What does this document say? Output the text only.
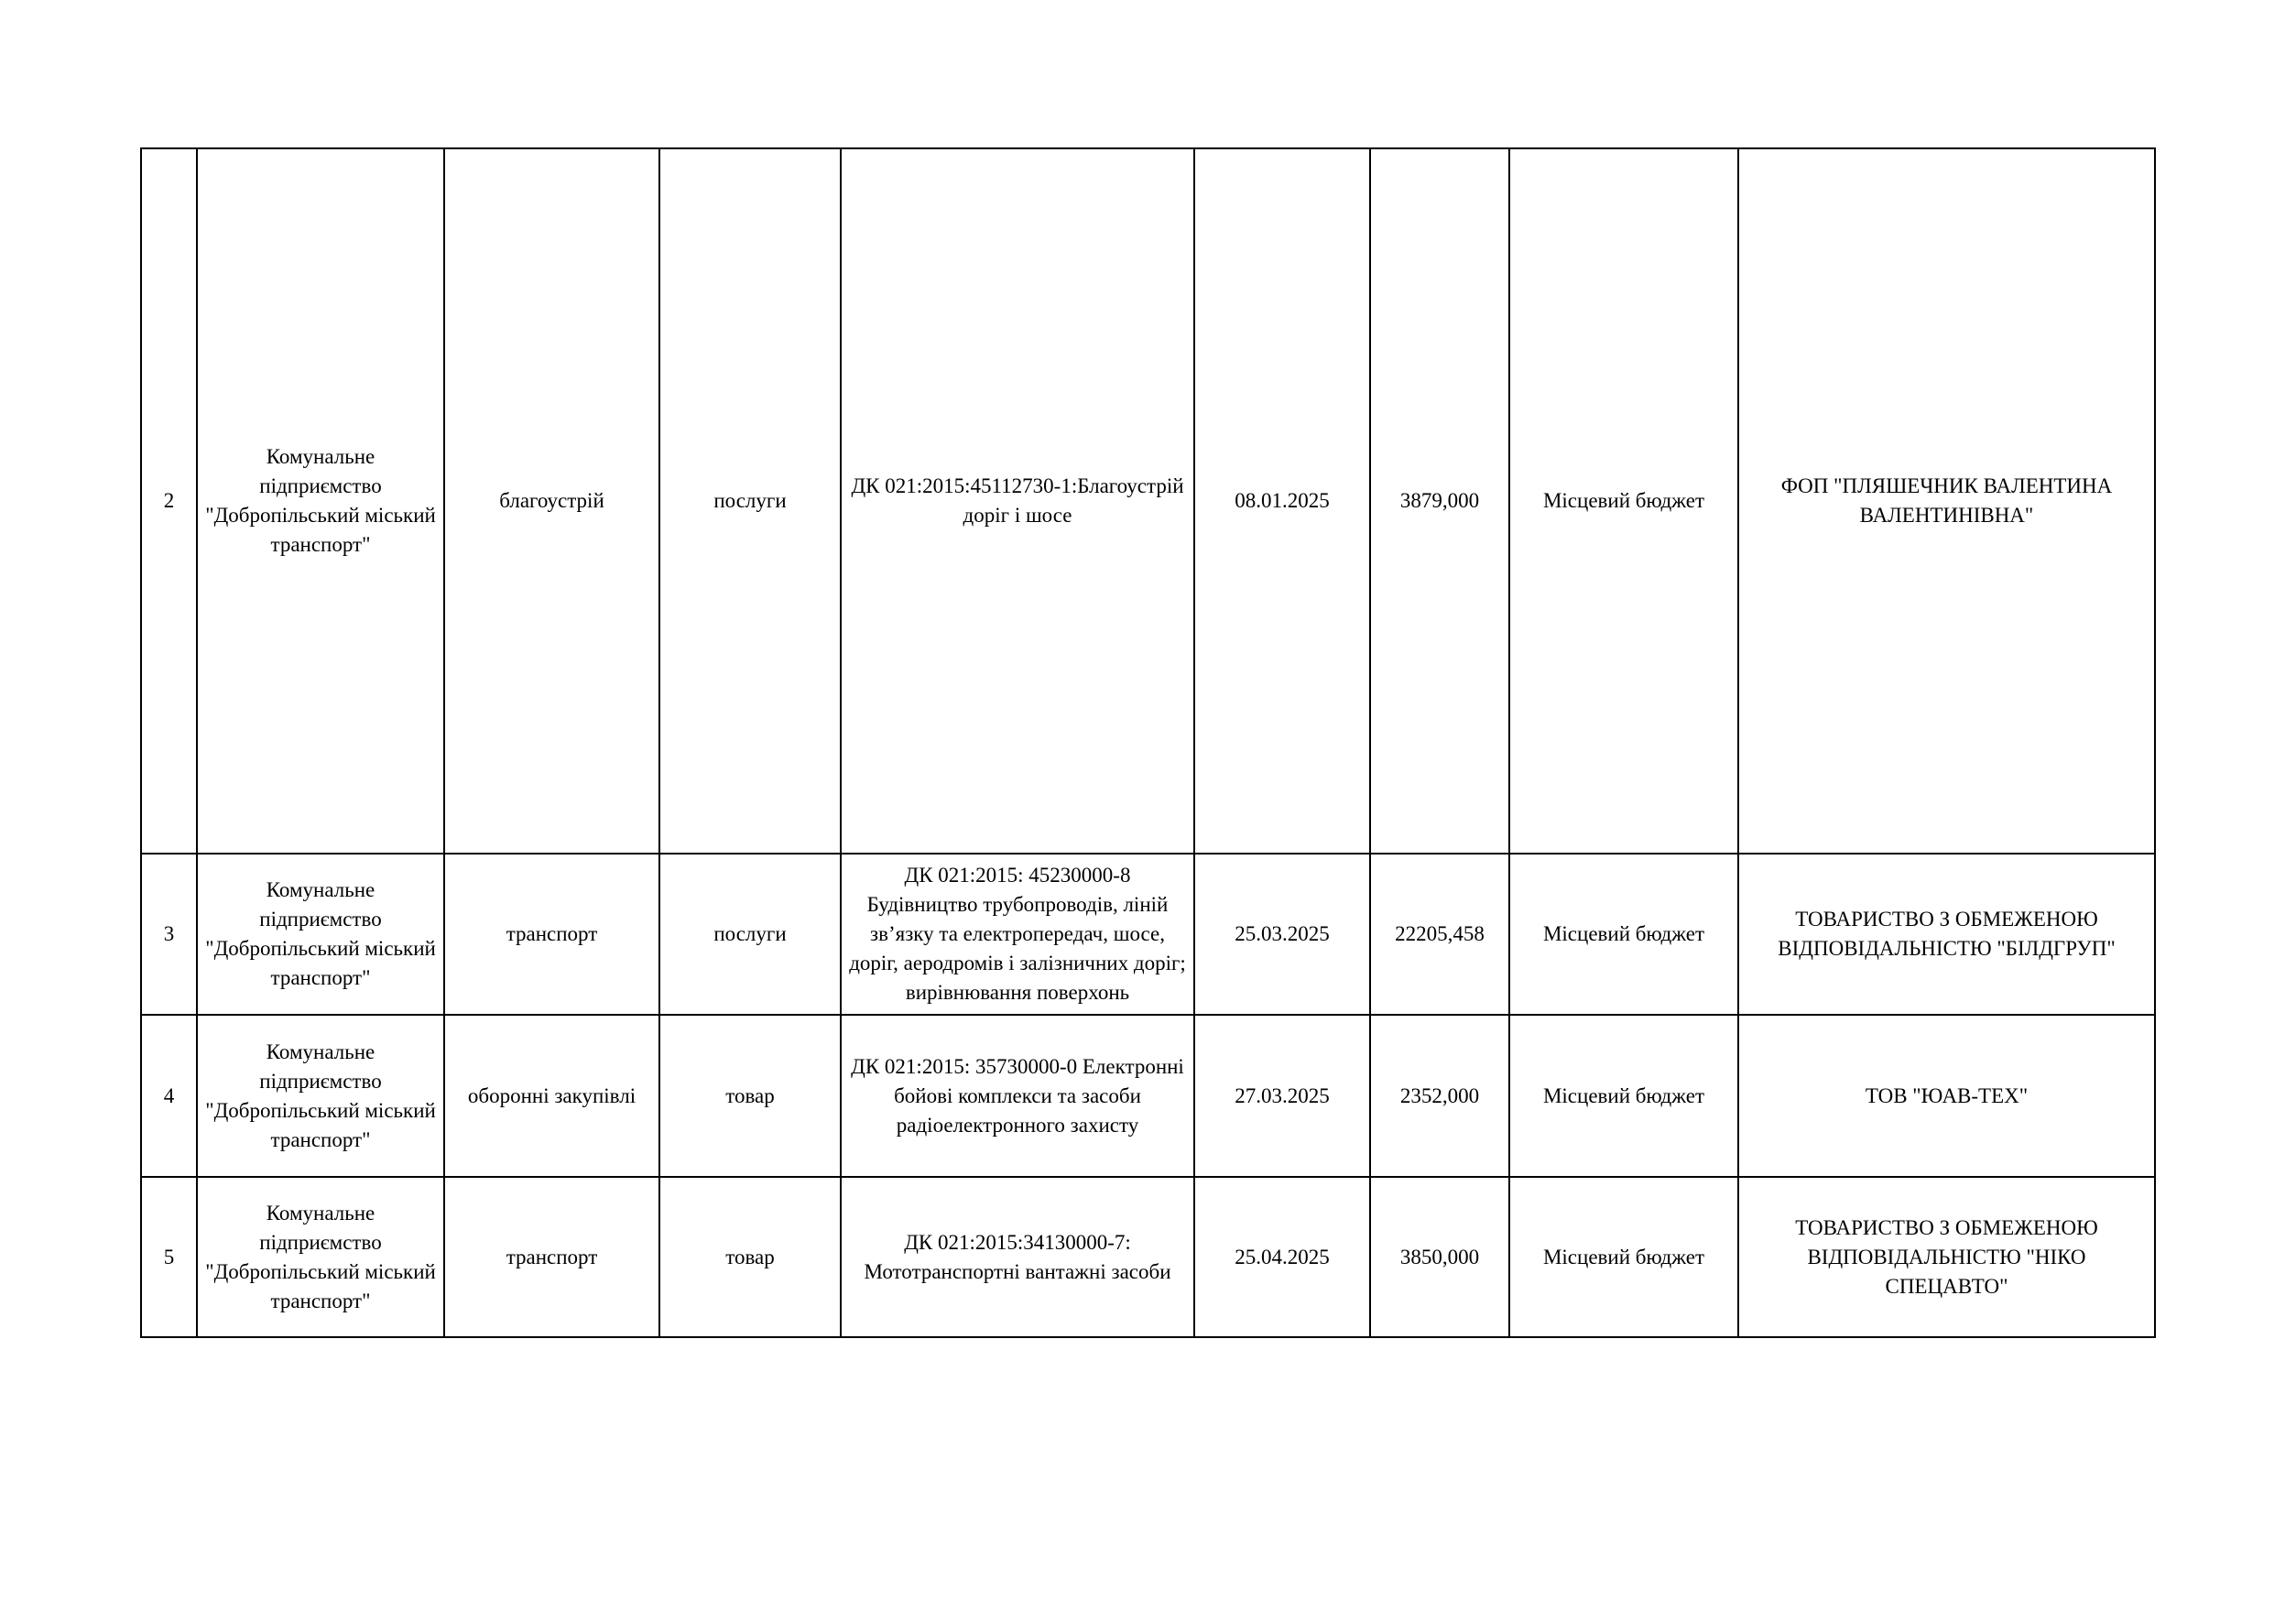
2	Комунальне підприємство "Добропільський міський транспорт"	благоустрій	послуги	ДК 021:2015:45112730-1:Благоустрій доріг і шосе	08.01.2025	3879,000	Місцевий бюджет	ФОП "ПЛЯШЕЧНИК ВАЛЕНТИНА ВАЛЕНТИНІВНА"
3	Комунальне підприємство "Добропільський міський транспорт"	транспорт	послуги	ДК 021:2015: 45230000-8 Будівництво трубопроводів, ліній зв’язку та електропередач, шосе, доріг, аеродромів і залізничних доріг; вирівнювання поверхонь	25.03.2025	22205,458	Місцевий бюджет	ТОВАРИСТВО З ОБМЕЖЕНОЮ ВІДПОВІДАЛЬНІСТЮ "БІЛДГРУП"
4	Комунальне підприємство "Добропільський міський транспорт"	оборонні закупівлі	товар	ДК 021:2015: 35730000-0 Електронні бойові комплекси та засоби радіоелектронного захисту	27.03.2025	2352,000	Місцевий бюджет	ТОВ "ЮАВ-ТЕХ"
5	Комунальне підприємство "Добропільський міський транспорт"	транспорт	товар	ДК 021:2015:34130000-7: Мототранспортні вантажні засоби	25.04.2025	3850,000	Місцевий бюджет	ТОВАРИСТВО З ОБМЕЖЕНОЮ ВІДПОВІДАЛЬНІСТЮ "НІКО СПЕЦАВТО"
